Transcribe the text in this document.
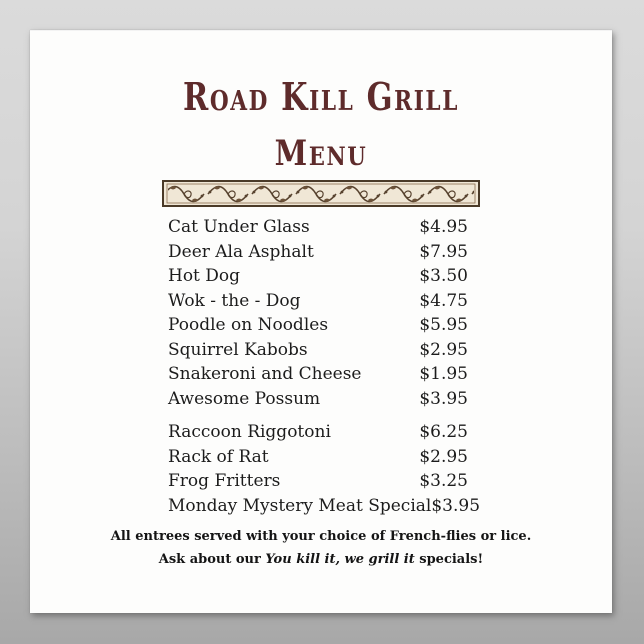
Road Kill Grill
Menu
Cat Under Glass	$4.95
Deer Ala Asphalt	$7.95
Hot Dog	$3.50
Wok - the - Dog	$4.75
Poodle on Noodles	$5.95
Squirrel Kabobs	$2.95
Snakeroni and Cheese	$1.95
Awesome Possum	$3.95
Raccoon Riggotoni	$6.25
Rack of Rat	$2.95
Frog Fritters	$3.25
Monday Mystery Meat Special $3.95
All entrees served with your choice of French-flies or lice.
Ask about our You kill it, we grill it specials!
